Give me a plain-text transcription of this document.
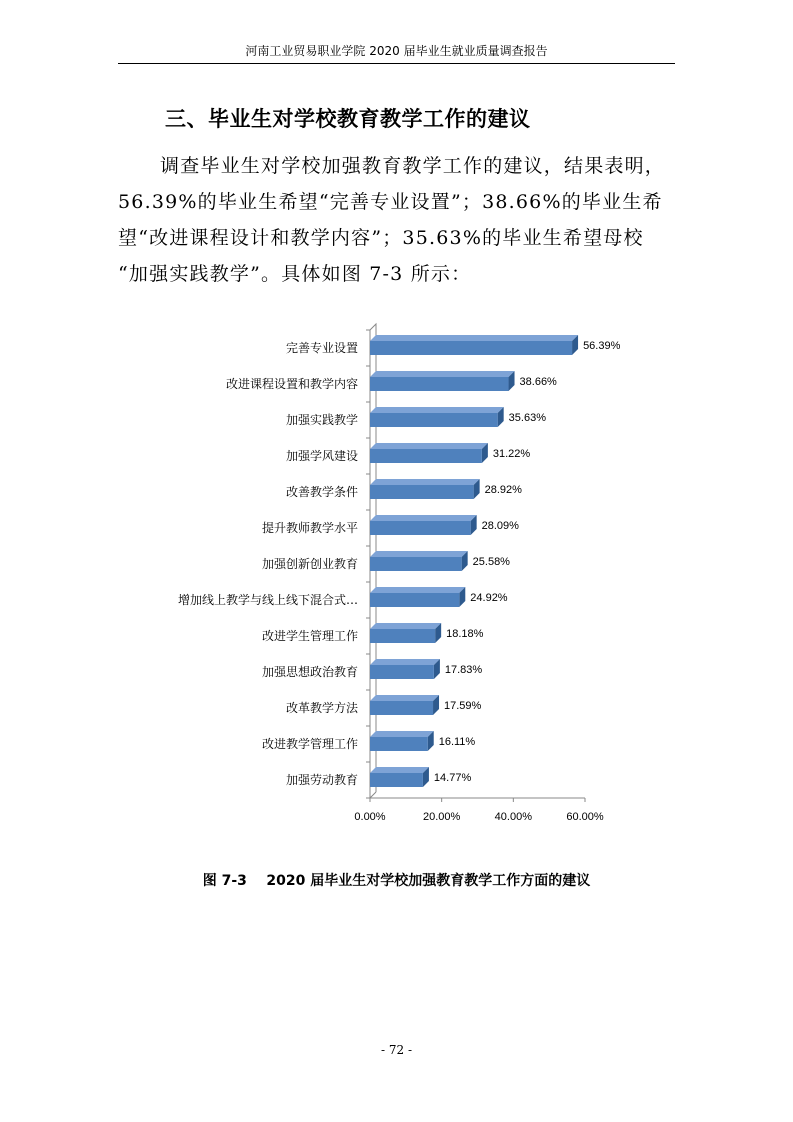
河南工业贸易职业学院 2020 届毕业生就业质量调查报告
三、毕业生对学校教育教学工作的建议

调查毕业生对学校加强教育教学工作的建议，结果表明，

56.39%的毕业生希望“完善专业设置”；38.66%的毕业生希

望“改进课程设计和教学内容”；35.63%的毕业生希望母校

“加强实践教学”。具体如图 7-3 所示：

0.00%	20.00%	40.00%	60.00%
完善专业设置	56.39%
改进课程设置和教学内容	38.66%
加强实践教学	35.63%
加强学风建设	31.22%
改善教学条件	28.92%
提升教师教学水平	28.09%
加强创新创业教育	25.58%
增加线上教学与线上线下混合式…	24.92%
改进学生管理工作	18.18%
加强思想政治教育	17.83%
改革教学方法	17.59%
改进教学管理工作	16.11%
加强劳动教育	14.77%
图 7-3 2020 届毕业生对学校加强教育教学工作方面的建议
- 72 -
